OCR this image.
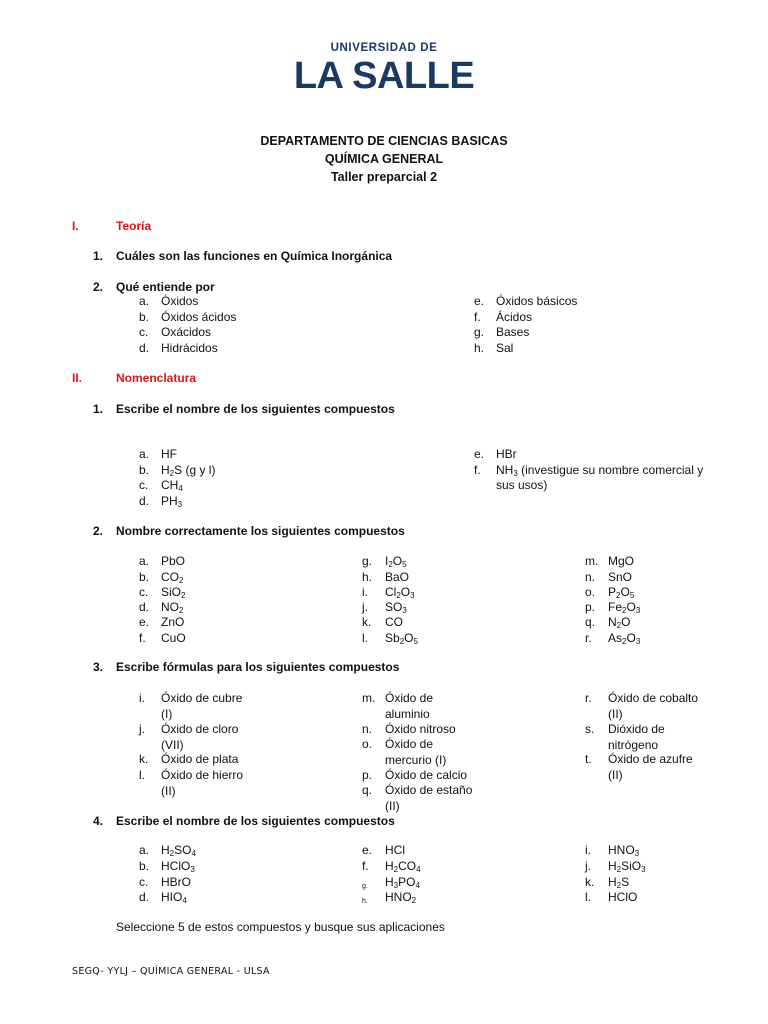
UNIVERSIDAD DE
LA SALLE
DEPARTAMENTO DE CIENCIAS BASICAS
QUÍMICA GENERAL
Taller preparcial 2
I.	Teoría
1. Cuáles son las funciones en Química Inorgánica
2. Qué entiende por
a. Óxidos
b. Óxidos ácidos
c. Oxácidos
d. Hidrácidos
e. Óxidos básicos
f. Ácidos
g. Bases
h. Sal
II.	Nomenclatura
1. Escribe el nombre de los siguientes compuestos
a. HF
b. $H_2S$ (g y l)
c. $CH_4$
d. $PH_3$
e. HBr
f. $NH_3$ (investigue su nombre comercial y
sus usos)
2. Nombre correctamente los siguientes compuestos
a. PbO
b. $CO_2$
c. SiO$_2$
d. $NO_2$
e. ZnO
f. CuO
g. $I_2O_5$
h. BaO
i. $Cl_2O_3$
j. $SO_3$
k. CO
l. $Sb_2O_5$
m. MgO
n. SnO
o. $P_2O_5$
p. $Fe_2O_3$
q. $N_2O$
r. $As_2O_3$
3. Escribe fórmulas para los siguientes compuestos
i. Óxido de cubre
(I)
j. Óxido de cloro
(VII)
k. Óxido de plata
l. Óxido de hierro
(II)
m. Óxido de
aluminio
n. Óxido nitroso
o. Óxido de
mercurio (I)
p. Óxido de calcio
q. Óxido de estaño
(II)
r. Óxido de cobalto
(II)
s. Dióxido de
nitrógeno
t. Óxido de azufre
(II)
4. Escribe el nombre de los siguientes compuestos
a. $H_2SO_4$
b. HClO$_3$
c. HBrO
d. $HIO_4$
e. HCl
f. $H_2CO_4$
g. $H_3PO_4$
h. $HNO_2$
i. $HNO_3$
j. $H_2SiO_3$
k. $H_2S$
l. HClO
Seleccione 5 de estos compuestos y busque sus aplicaciones
SEGQ- YYLJ – QUÍMICA GENERAL - ULSA
